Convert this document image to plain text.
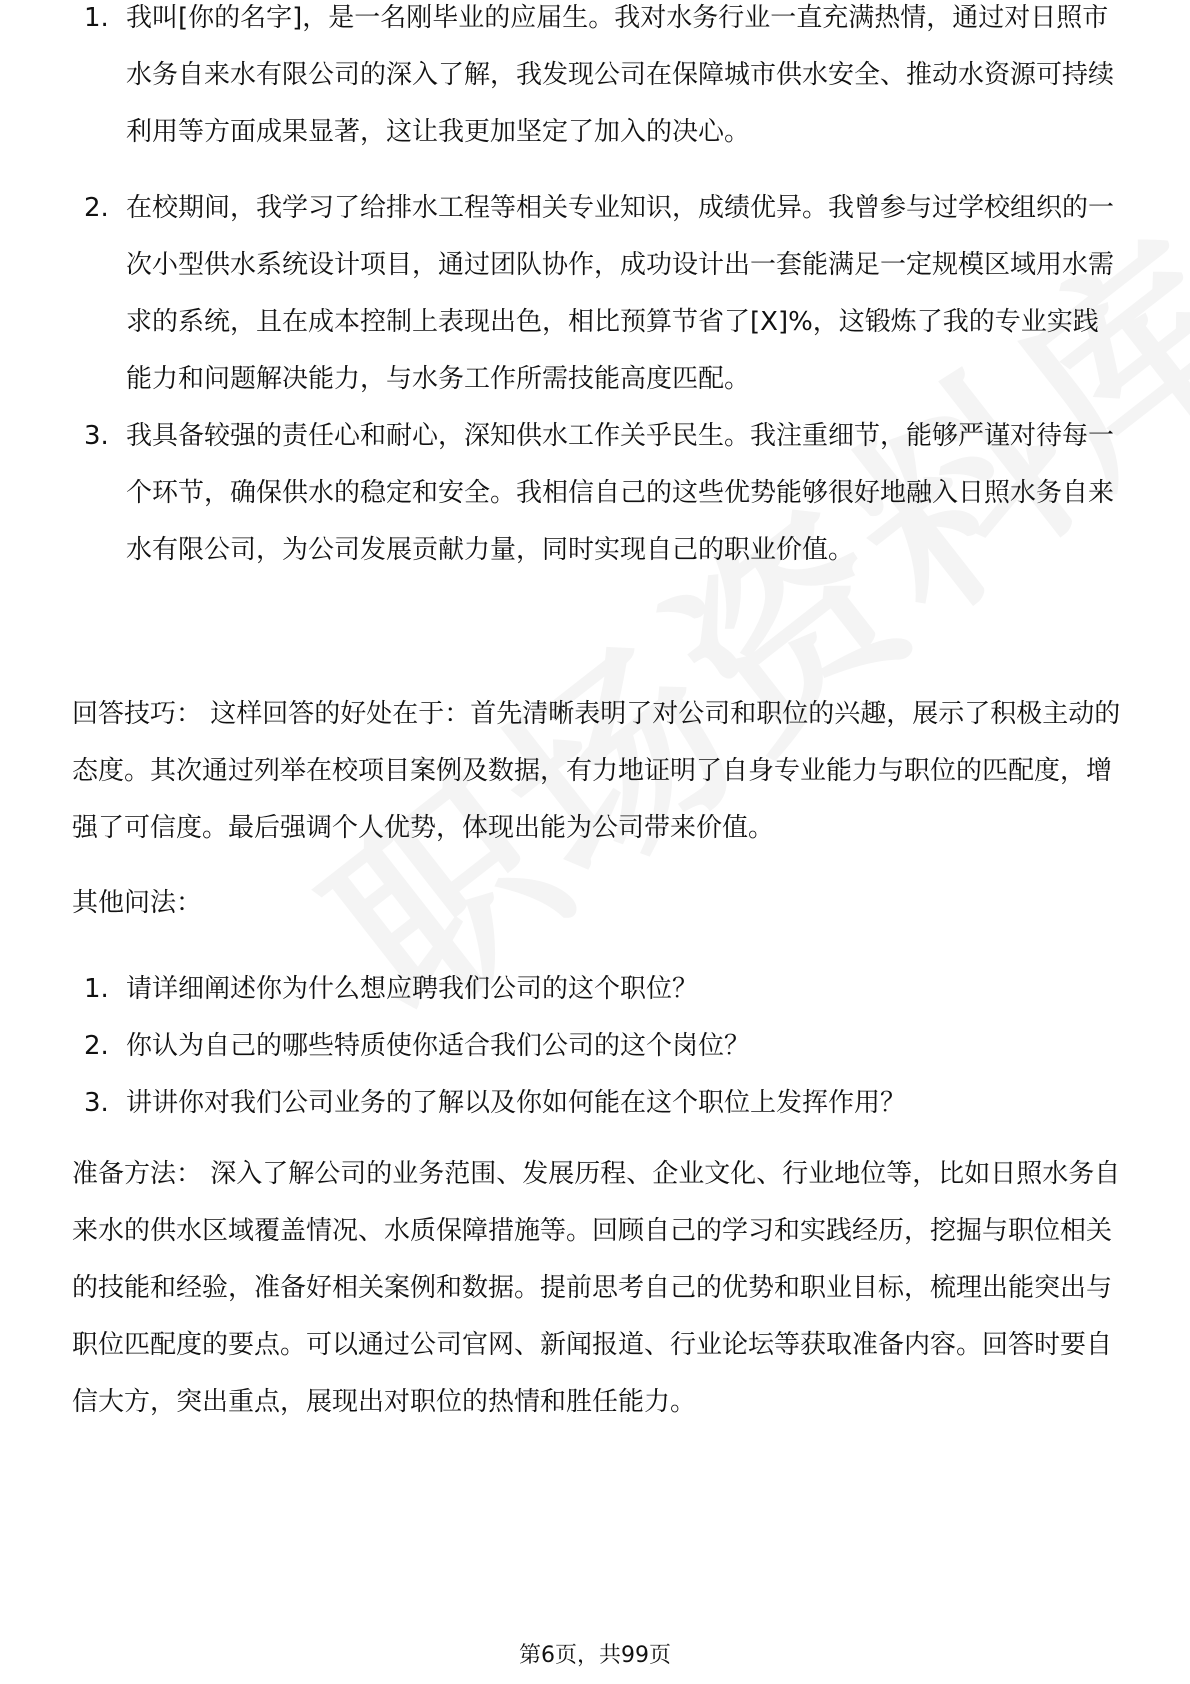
1. 我叫[你的名字]，是一名刚毕业的应届生。我对水务行业一直充满热情，通过对日照市水务自来水有限公司的深入了解，我发现公司在保障城市供水安全、推动水资源可持续利用等方面成果显著，这让我更加坚定了加入的决心。
2. 在校期间，我学习了给排水工程等相关专业知识，成绩优异。我曾参与过学校组织的一次小型供水系统设计项目，通过团队协作，成功设计出一套能满足一定规模区域用水需求的系统，且在成本控制上表现出色，相比预算节省了[X]%，这锻炼了我的专业实践能力和问题解决能力，与水务工作所需技能高度匹配。
3. 我具备较强的责任心和耐心，深知供水工作关乎民生。我注重细节，能够严谨对待每一个环节，确保供水的稳定和安全。我相信自己的这些优势能够很好地融入日照水务自来水有限公司，为公司发展贡献力量，同时实现自己的职业价值。
回答技巧： 这样回答的好处在于：首先清晰表明了对公司和职位的兴趣，展示了积极主动的态度。其次通过列举在校项目案例及数据，有力地证明了自身专业能力与职位的匹配度，增强了可信度。最后强调个人优势，体现出能为公司带来价值。
其他问法：
1. 请详细阐述你为什么想应聘我们公司的这个职位？
2. 你认为自己的哪些特质使你适合我们公司的这个岗位？
3. 讲讲你对我们公司业务的了解以及你如何能在这个职位上发挥作用？
准备方法： 深入了解公司的业务范围、发展历程、企业文化、行业地位等，比如日照水务自来水的供水区域覆盖情况、水质保障措施等。回顾自己的学习和实践经历，挖掘与职位相关的技能和经验，准备好相关案例和数据。提前思考自己的优势和职业目标，梳理出能突出与职位匹配度的要点。可以通过公司官网、新闻报道、行业论坛等获取准备内容。回答时要自信大方，突出重点，展现出对职位的热情和胜任能力。
第6页，共99页
